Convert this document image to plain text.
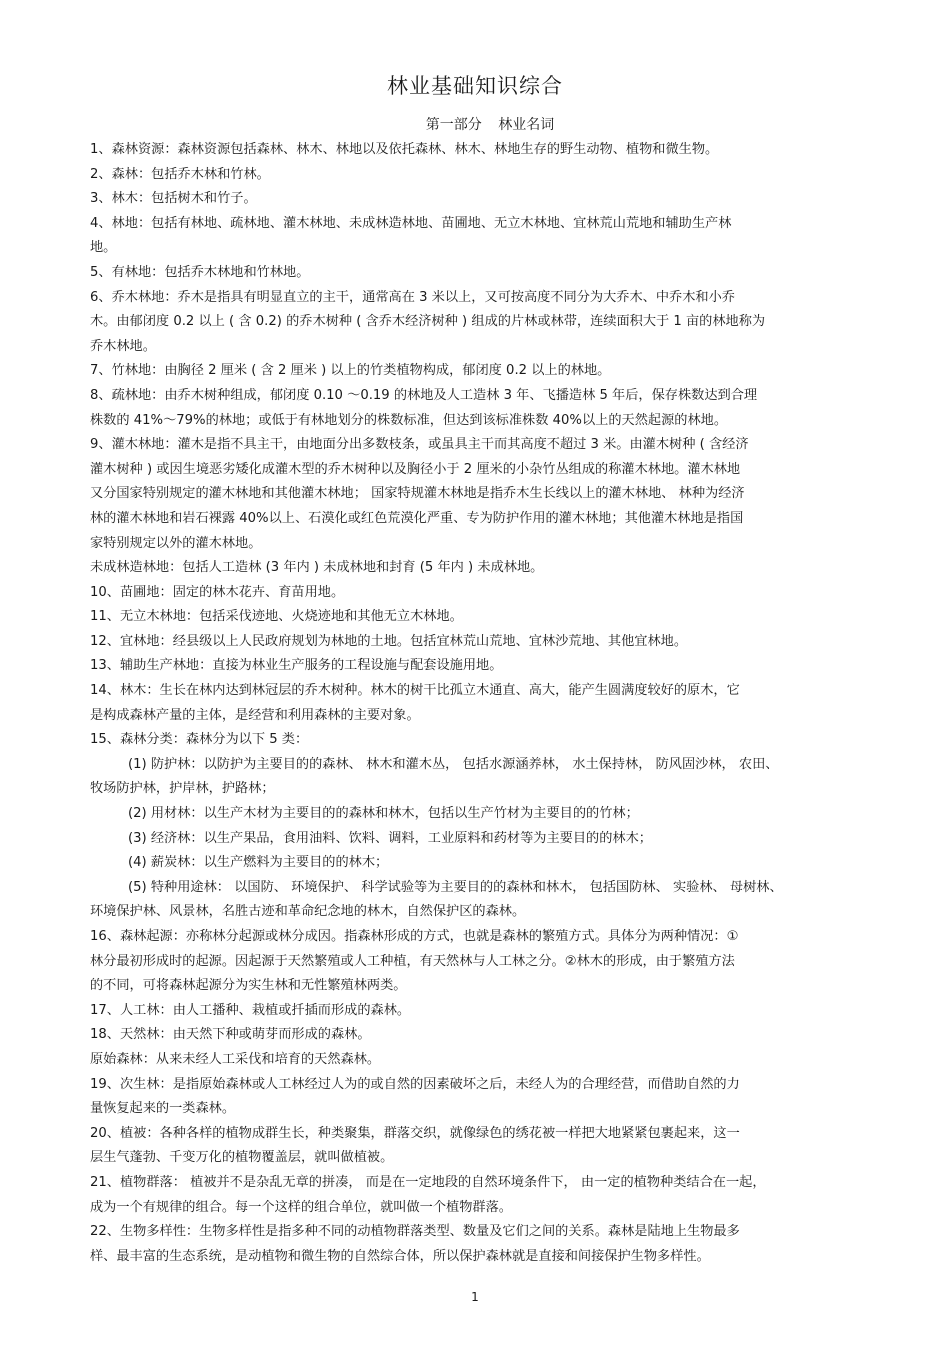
林业基础知识综合
第一部分 林业名词
1、森林资源：森林资源包括森林、林木、林地以及依托森林、林木、林地生存的野生动物、植物和微生物。
2、森林：包括乔木林和竹林。
3、林木：包括树木和竹子。
4、林地：包括有林地、疏林地、灌木林地、未成林造林地、苗圃地、无立木林地、宜林荒山荒地和辅助生产林
地。
5、有林地：包括乔木林地和竹林地。
6、乔木林地：乔木是指具有明显直立的主干，通常高在 3 米以上，又可按高度不同分为大乔木、中乔木和小乔
木。由郁闭度 0.2 以上 ( 含 0.2) 的乔木树种 ( 含乔木经济树种 ) 组成的片林或林带，连续面积大于 1 亩的林地称为
乔木林地。
7、竹林地：由胸径 2 厘米 ( 含 2 厘米 ) 以上的竹类植物构成，郁闭度 0.2 以上的林地。
8、疏林地：由乔木树种组成，郁闭度 0.10 ～0.19 的林地及人工造林 3 年、飞播造林 5 年后，保存株数达到合理
株数的 41%～79%的林地；或低于有林地划分的株数标准，但达到该标准株数 40%以上的天然起源的林地。
9、灌木林地：灌木是指不具主干，由地面分出多数枝条，或虽具主干而其高度不超过 3 米。由灌木树种 ( 含经济
灌木树种 ) 或因生境恶劣矮化成灌木型的乔木树种以及胸径小于 2 厘米的小杂竹丛组成的称灌木林地。灌木林地
又分国家特别规定的灌木林地和其他灌木林地； 国家特规灌木林地是指乔木生长线以上的灌木林地、 林种为经济
林的灌木林地和岩石裸露 40%以上、石漠化或红色荒漠化严重、专为防护作用的灌木林地；其他灌木林地是指国
家特别规定以外的灌木林地。
未成林造林地：包括人工造林 (3 年内 ) 未成林地和封育 (5 年内 ) 未成林地。
10、苗圃地：固定的林木花卉、育苗用地。
11、无立木林地：包括采伐迹地、火烧迹地和其他无立木林地。
12、宜林地：经县级以上人民政府规划为林地的土地。包括宜林荒山荒地、宜林沙荒地、其他宜林地。
13、辅助生产林地：直接为林业生产服务的工程设施与配套设施用地。
14、林木：生长在林内达到林冠层的乔木树种。林木的树干比孤立木通直、高大，能产生圆满度较好的原木，它
是构成森林产量的主体，是经营和利用森林的主要对象。
15、森林分类：森林分为以下 5 类：
(1) 防护林：以防护为主要目的的森林、 林木和灌木丛， 包括水源涵养林， 水土保持林， 防风固沙林， 农田、
牧场防护林，护岸林，护路林；
(2) 用材林：以生产木材为主要目的的森林和林木，包括以生产竹材为主要目的的竹林；
(3) 经济林：以生产果品，食用油料、饮料、调料，工业原料和药材等为主要目的的林木；
(4) 薪炭林：以生产燃料为主要目的的林木；
(5) 特种用途林： 以国防、 环境保护、 科学试验等为主要目的的森林和林木， 包括国防林、 实验林、 母树林、
环境保护林、风景林，名胜古迹和革命纪念地的林木，自然保护区的森林。
16、森林起源：亦称林分起源或林分成因。指森林形成的方式，也就是森林的繁殖方式。具体分为两种情况：①
林分最初形成时的起源。因起源于天然繁殖或人工种植，有天然林与人工林之分。②林木的形成，由于繁殖方法
的不同，可将森林起源分为实生林和无性繁殖林两类。
17、人工林：由人工播种、栽植或扦插而形成的森林。
18、天然林：由天然下种或萌芽而形成的森林。
原始森林：从来未经人工采伐和培育的天然森林。
19、次生林：是指原始森林或人工林经过人为的或自然的因素破坏之后，未经人为的合理经营，而借助自然的力
量恢复起来的一类森林。
20、植被：各种各样的植物成群生长，种类聚集，群落交织，就像绿色的绣花被一样把大地紧紧包裹起来，这一
层生气蓬勃、千变万化的植物覆盖层，就叫做植被。
21、植物群落： 植被并不是杂乱无章的拼凑， 而是在一定地段的自然环境条件下， 由一定的植物种类结合在一起，
成为一个有规律的组合。每一个这样的组合单位，就叫做一个植物群落。
22、生物多样性：生物多样性是指多种不同的动植物群落类型、数量及它们之间的关系。森林是陆地上生物最多
样、最丰富的生态系统，是动植物和微生物的自然综合体，所以保护森林就是直接和间接保护生物多样性。
1
